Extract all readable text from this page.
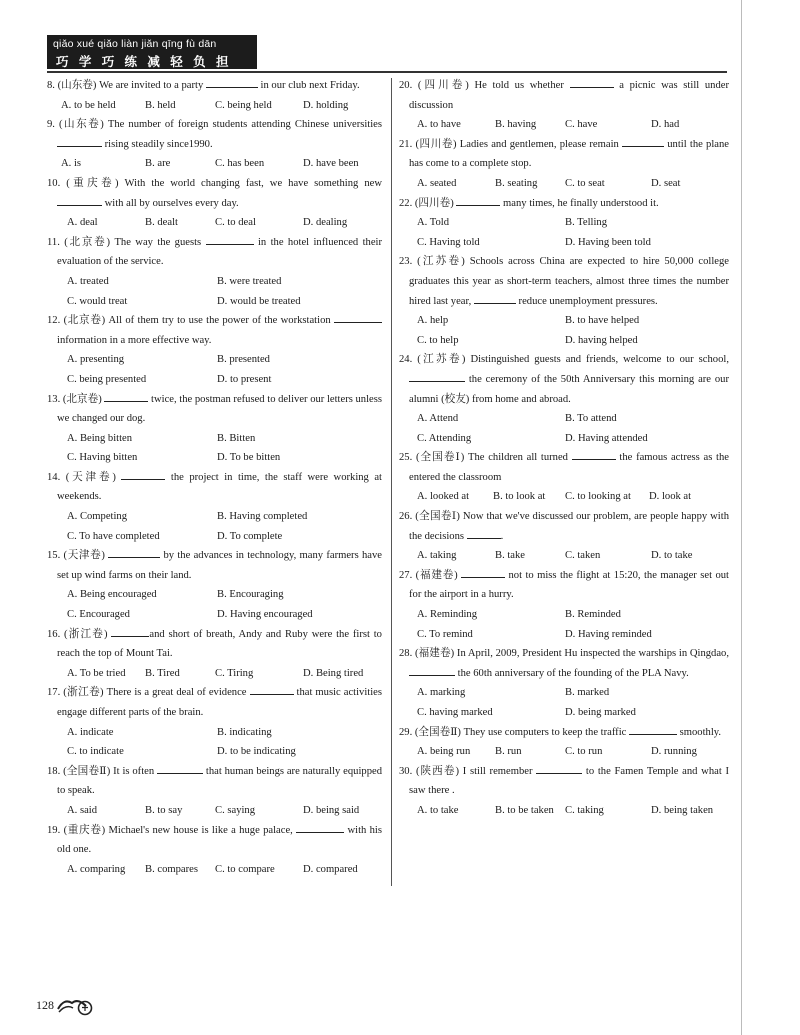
qiǎo xué qiǎo liàn jiǎn qīng fù dān
巧 学 巧 练 减 轻 负 担
8. (山东卷) We are invited to a party	in our club next Friday.
A. to be held	B. held	C. being held	D. holding
9. (山东卷) The number of foreign students attending Chinese universities  rising steadily since1990.
A. is	B. are	C. has been	D. have been
10. (重庆卷) With the world changing fast, we have something new  with all by ourselves every day.
A. deal	B. dealt	C. to deal	D. dealing
11. (北京卷) The way the guests	in the hotel influenced their evaluation of the service.
A. treated	B. were treated
C. would treat	D. would be treated
12. (北京卷) All of them try to use the power of the workstation  information in a more effective way.
A. presenting	B. presented
C. being presented	D. to present
13. (北京卷)	twice, the postman refused to deliver our letters unless we changed our dog.
A. Being bitten	B. Bitten
C. Having bitten	D. To be bitten
14. (天津卷)	the project in time, the staff were working at weekends.
A. Competing	B. Having completed
C. To have completed	D. To complete
15. (天津卷)	by the advances in technology, many farmers have set up wind farms on their land.
A. Being encouraged	B. Encouraging
C. Encouraged	D. Having encouraged
16. (浙江卷)	and short of breath, Andy and Ruby were the first to reach the top of Mount Tai.
A. To be tried B. Tired	C. Tiring	D. Being tired
17. (浙江卷) There is a great deal of evidence	that music activities engage different parts of the brain.
A. indicate	B. indicating
C. to indicate	D. to be indicating
18. (全国卷Ⅱ) It is often	that human beings are naturally equipped to speak.
A. said	B. to say	C. saying	D. being said
19. (重庆卷) Michael's new house is like a huge palace,	with his old one.
A. comparing B. compares C. to compare	D. compared
20. (四川卷) He told us whether	a picnic was still under discussion
A. to have	B. having	C. have	D. had
21. (四川卷) Ladies and gentlemen, please remain	until the plane has come to a complete stop.
A. seated	B. seating	C. to seat	D. seat
22. (四川卷)	many times, he finally understood it.
A. Told	B. Telling
C. Having told	D. Having been told
23. (江苏卷) Schools across China are expected to hire 50,000 college graduates this year as short-term teachers, almost three times the number hired last year,	reduce unemployment pressures.
A. help	B. to have helped
C. to help	D. having helped
24. (江苏卷) Distinguished guests and friends, welcome to our school,  the ceremony of the 50th Anniversary this morning are our alumni (校友) from home and abroad.
A. Attend	B. To attend
C. Attending	D. Having attended
25. (全国卷Ⅰ) The children all turned	the famous actress as the entered the classroom
A. looked at B. to look at C. to looking at D. look at
26. (全国卷Ⅰ) Now that we've discussed our problem, are people happy with the decisions	.
A. taking	B. take	C. taken	D. to take
27. (福建卷)	not to miss the flight at 15:20, the manager set out for the airport in a hurry.
A. Reminding	B. Reminded
C. To remind	D. Having reminded
28. (福建卷) In April, 2009, President Hu inspected the warships in Qingdao,  the 60th anniversary of the founding of the PLA Navy.
A. marking	B. marked
C. having marked	D. being marked
29. (全国卷Ⅱ) They use computers to keep the traffic	smoothly.
A. being run B. run	C. to run	D. running
30. (陕西卷) I still remember	to the Famen Temple and what I saw there .
A. to take	B. to be taken C. taking	D. being taken
128
